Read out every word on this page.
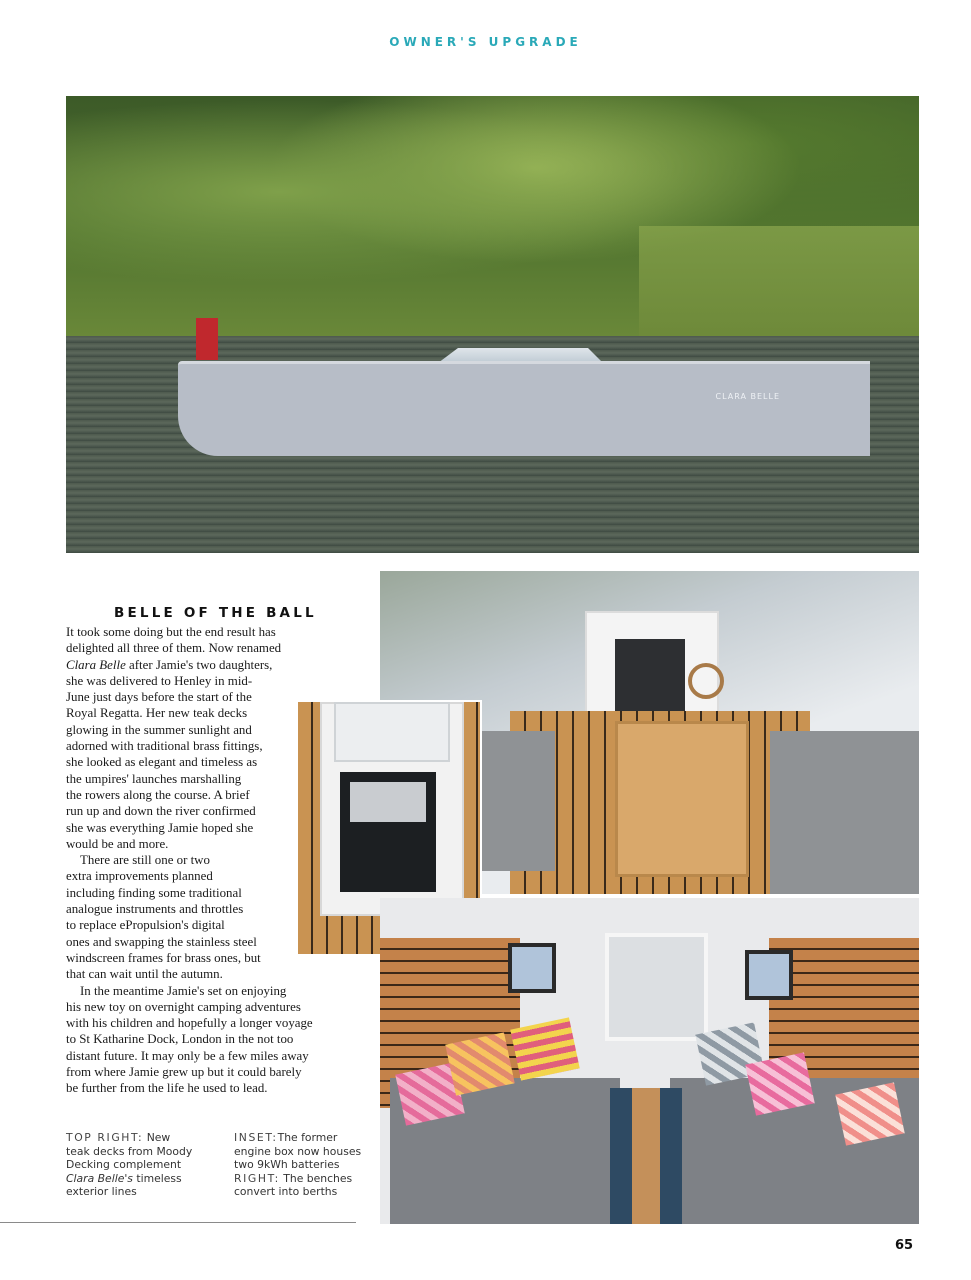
OWNER'S UPGRADE
CLARA BELLE
BELLE OF THE BALL
It took some doing but the end result has
delighted all three of them. Now renamed
Clara Belle after Jamie's two daughters,
she was delivered to Henley in mid-
June just days before the start of the
Royal Regatta. Her new teak decks
glowing in the summer sunlight and
adorned with traditional brass fittings,
she looked as elegant and timeless as
the umpires' launches marshalling
the rowers along the course. A brief
run up and down the river confirmed
she was everything Jamie hoped she
would be and more.
There are still one or two
extra improvements planned
including finding some traditional
analogue instruments and throttles
to replace ePropulsion's digital
ones and swapping the stainless steel
windscreen frames for brass ones, but
that can wait until the autumn.
In the meantime Jamie's set on enjoying
his new toy on overnight camping adventures
with his children and hopefully a longer voyage
to St Katharine Dock, London in the not too
distant future. It may only be a few miles away
from where Jamie grew up but it could barely
be further from the life he used to lead.
TOP RIGHT: New
teak decks from Moody
Decking complement
Clara Belle's timeless
exterior lines
INSET:The former
engine box now houses
two 9kWh batteries
RIGHT: The benches
convert into berths
65
